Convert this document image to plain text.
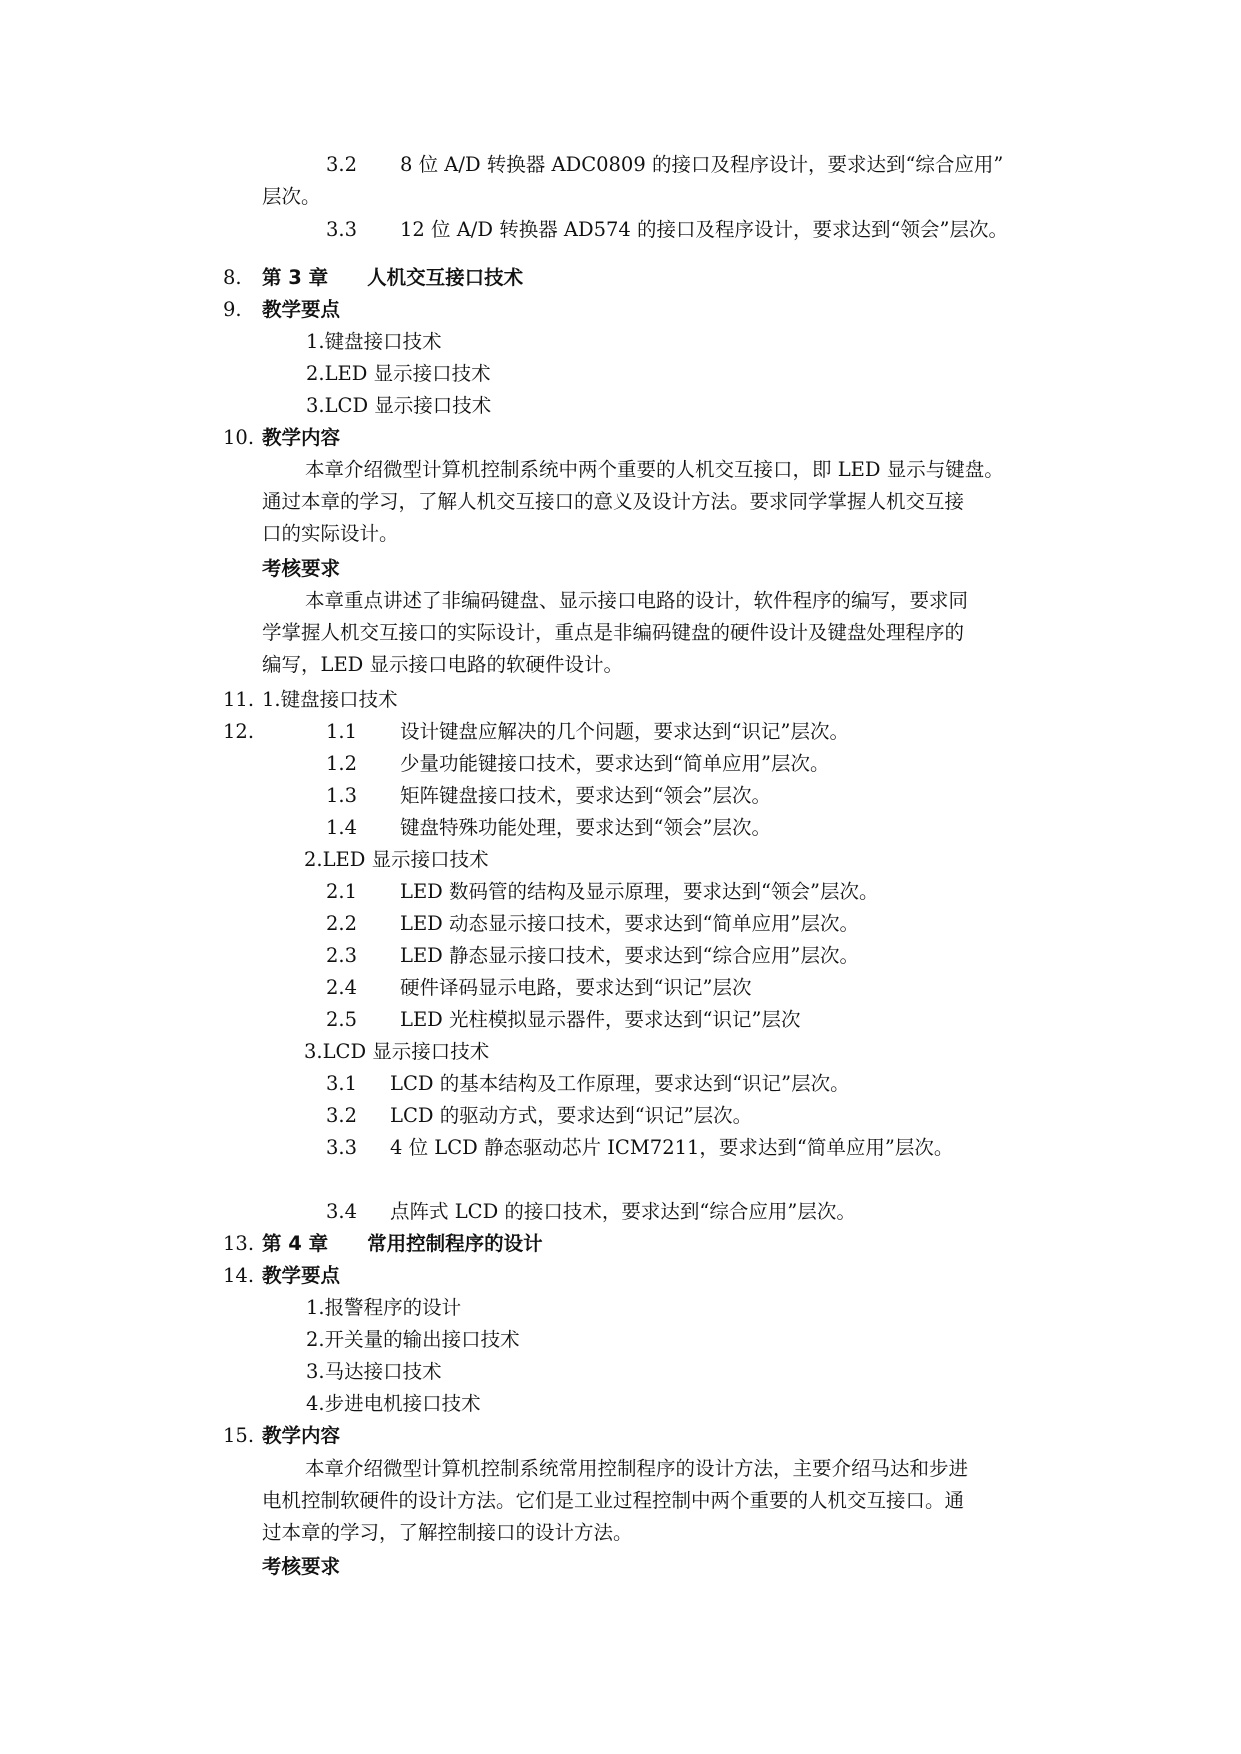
3.2 8 位 A/D 转换器 ADC0809 的接口及程序设计，要求达到“综合应用”
层次。
3.3 12 位 A/D 转换器 AD574 的接口及程序设计，要求达到“领会”层次。
8. 第 3 章　　人机交互接口技术
9. 教学要点
1.键盘接口技术
2.LED 显示接口技术
3.LCD 显示接口技术
10. 教学内容
本章介绍微型计算机控制系统中两个重要的人机交互接口，即 LED 显示与键盘。
通过本章的学习，了解人机交互接口的意义及设计方法。要求同学掌握人机交互接
口的实际设计。
考核要求
本章重点讲述了非编码键盘、显示接口电路的设计，软件程序的编写，要求同
学掌握人机交互接口的实际设计，重点是非编码键盘的硬件设计及键盘处理程序的
编写，LED 显示接口电路的软硬件设计。
11. 1.键盘接口技术
12.	1.1 设计键盘应解决的几个问题，要求达到“识记”层次。
1.2 少量功能键接口技术，要求达到“简单应用”层次。
1.3 矩阵键盘接口技术，要求达到“领会”层次。
1.4 键盘特殊功能处理，要求达到“领会”层次。
2.LED 显示接口技术
2.1 LED 数码管的结构及显示原理，要求达到“领会”层次。
2.2 LED 动态显示接口技术，要求达到“简单应用”层次。
2.3 LED 静态显示接口技术，要求达到“综合应用”层次。
2.4 硬件译码显示电路，要求达到“识记”层次
2.5 LED 光柱模拟显示器件，要求达到“识记”层次
3.LCD 显示接口技术
3.1 LCD 的基本结构及工作原理，要求达到“识记”层次。
3.2 LCD 的驱动方式，要求达到“识记”层次。
3.3 4 位 LCD 静态驱动芯片 ICM7211，要求达到“简单应用”层次。
3.4 点阵式 LCD 的接口技术，要求达到“综合应用”层次。
13. 第 4 章　　常用控制程序的设计
14. 教学要点
1.报警程序的设计
2.开关量的输出接口技术
3.马达接口技术
4.步进电机接口技术
15. 教学内容
本章介绍微型计算机控制系统常用控制程序的设计方法，主要介绍马达和步进
电机控制软硬件的设计方法。它们是工业过程控制中两个重要的人机交互接口。通
过本章的学习，了解控制接口的设计方法。
考核要求
